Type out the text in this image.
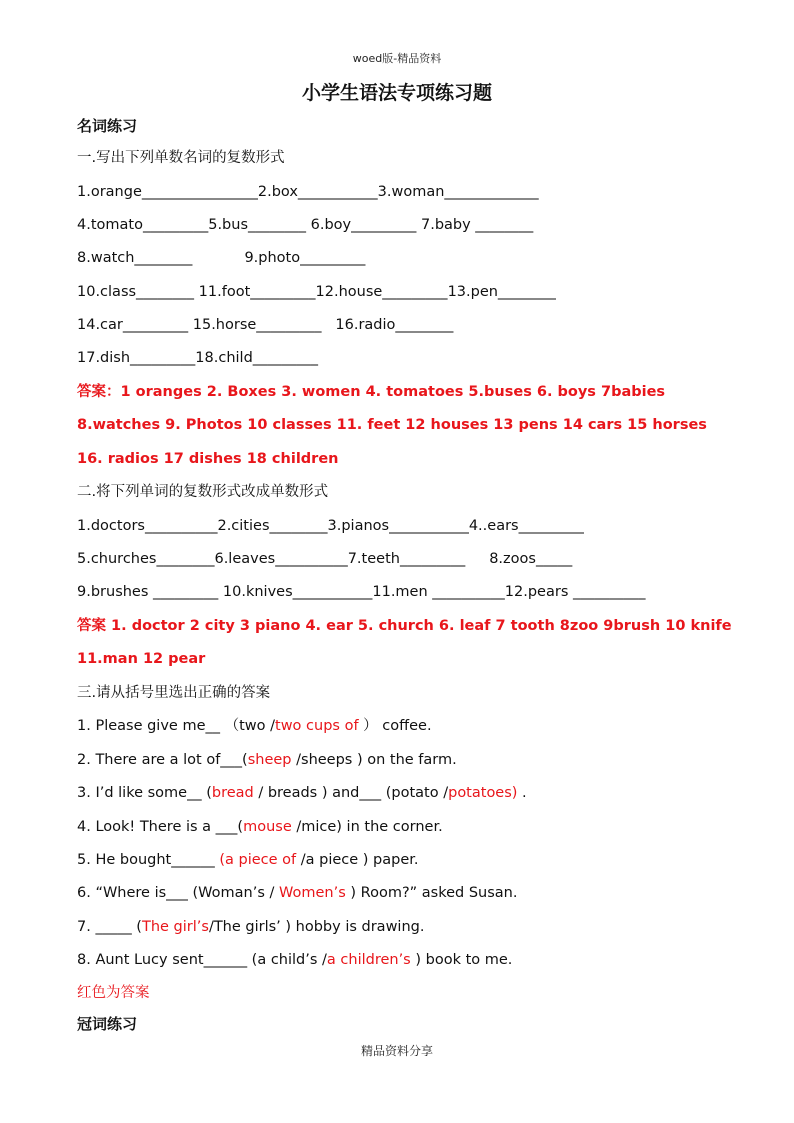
woed版-精品资料
小学生语法专项练习题
名词练习
一.写出下列单数名词的复数形式
1.orange________________2.box___________3.woman_____________
4.tomato_________5.bus________ 6.boy_________ 7.baby ________
8.watch________	9.photo_________
10.class________ 11.foot_________12.house_________13.pen________
14.car_________ 15.horse_________ 16.radio________
17.dish_________18.child_________
答案：1 oranges 2. Boxes 3. women 4. tomatoes 5.buses 6. boys 7babies
8.watches 9. Photos 10 classes 11. feet 12 houses 13 pens 14 cars 15 horses
16. radios 17 dishes 18 children
二.将下列单词的复数形式改成单数形式
1.doctors__________2.cities________3.pianos___________4..ears_________
5.churches________6.leaves__________7.teeth_________ 8.zoos_____
9.brushes _________ 10.knives___________11.men __________12.pears __________
答案 1. doctor 2 city 3 piano 4. ear 5. church 6. leaf 7 tooth 8zoo 9brush 10 knife
11.man 12 pear
三.请从括号里选出正确的答案
1. Please give me__ （two /two cups of ） coffee.
2. There are a lot of___(sheep /sheeps ) on the farm.
3. I’d like some__ (bread / breads ) and___ (potato /potatoes) .
4. Look! There is a ___(mouse /mice) in the corner.
5. He bought______ (a piece of /a piece ) paper.
6. “Where is___ (Woman’s / Women’s ) Room?” asked Susan.
7. _____ (The girl’s/The girls’ ) hobby is drawing.
8. Aunt Lucy sent______ (a child’s /a children’s ) book to me.
红色为答案
冠词练习
精品资料分享
